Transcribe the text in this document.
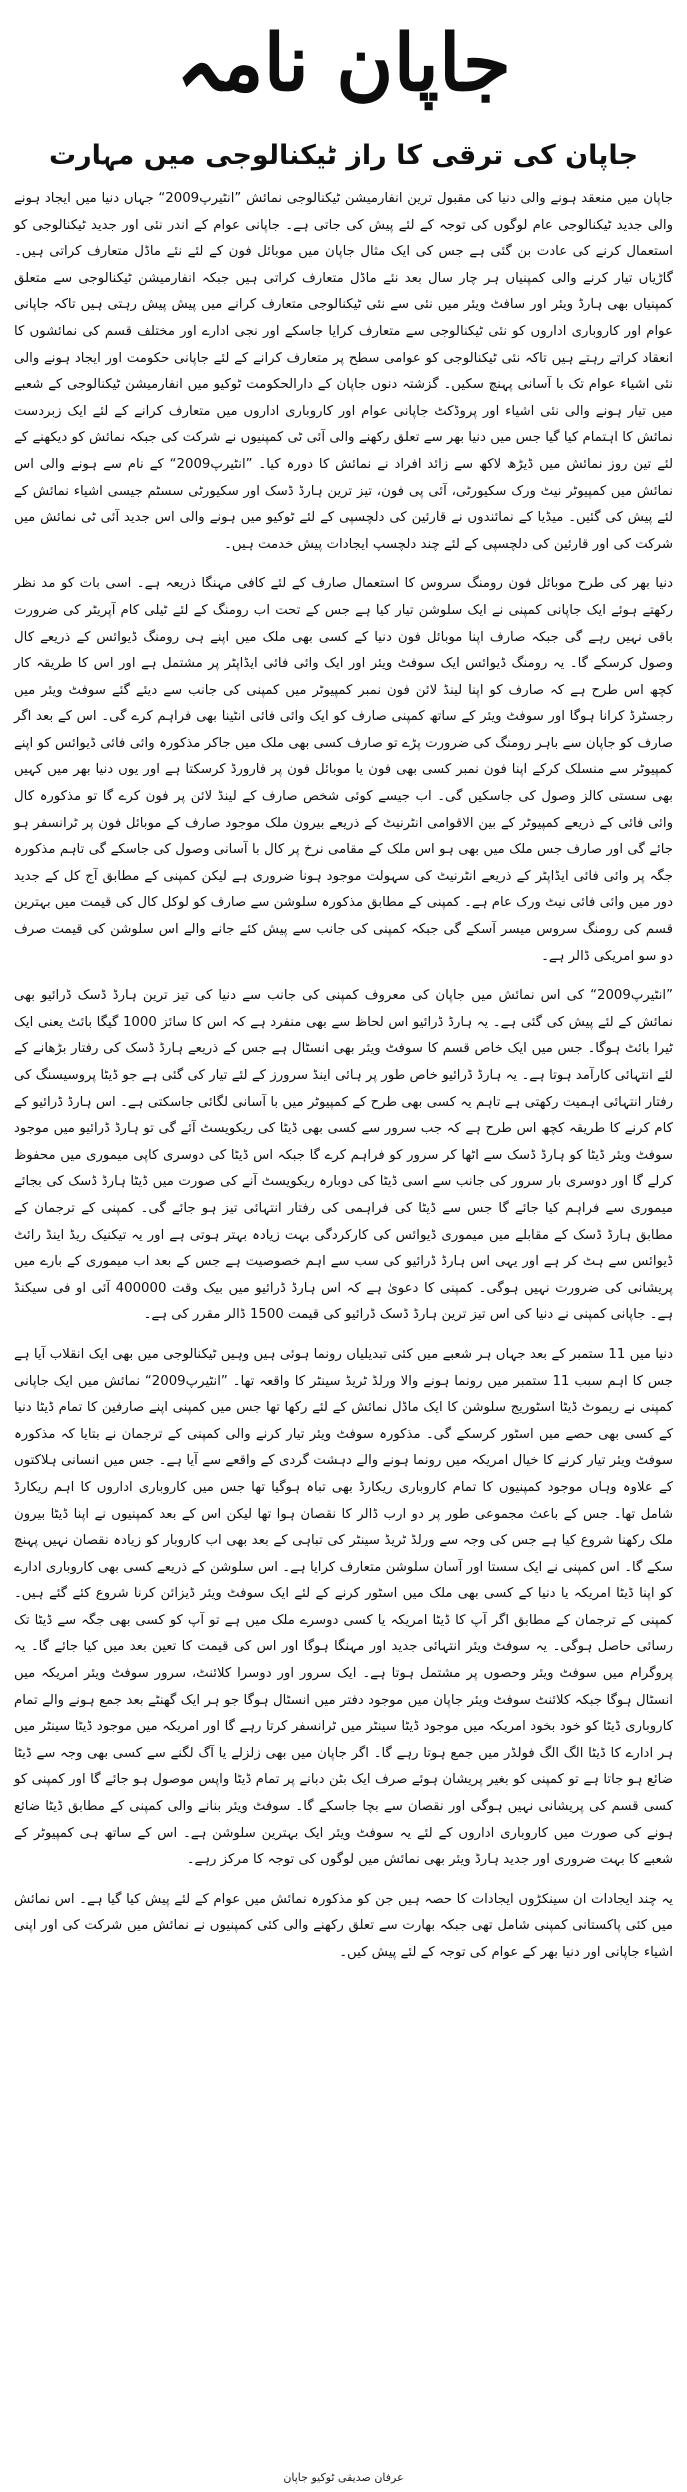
جاپان نامہ
جاپان کی ترقی کا راز ٹیکنالوجی میں مہارت

جاپان میں منعقد ہونے والی دنیا کی مقبول ترین انفارمیشن ٹیکنالوجی نمائش ”انٹیرپ2009“ جہاں دنیا میں ایجاد ہونے والی جدید ٹیکنالوجی عام لوگوں کی توجہ کے لئے پیش کی جاتی ہے۔ جاپانی عوام کے اندر نئی اور جدید ٹیکنالوجی کو استعمال کرنے کی عادت بن گئی ہے جس کی ایک مثال جاپان میں موبائل فون کے لئے نئے ماڈل متعارف کراتی ہیں۔ گاڑیاں تیار کرنے والی کمپنیاں ہر چار سال بعد نئے ماڈل متعارف کراتی ہیں جبکہ انفارمیشن ٹیکنالوجی سے متعلق کمپنیاں بھی ہارڈ ویئر اور سافٹ ویئر میں نئی سے نئی ٹیکنالوجی متعارف کرانے میں پیش پیش رہتی ہیں تاکہ جاپانی عوام اور کاروباری اداروں کو نئی ٹیکنالوجی سے متعارف کرایا جاسکے اور نجی ادارے اور مختلف قسم کی نمائشوں کا انعقاد کراتے رہتے ہیں تاکہ نئی ٹیکنالوجی کو عوامی سطح پر متعارف کرانے کے لئے جاپانی حکومت اور ایجاد ہونے والی نئی اشیاء عوام تک با آسانی پہنچ سکیں۔ گزشتہ دنوں جاپان کے دارالحکومت ٹوکیو میں انفارمیشن ٹیکنالوجی کے شعبے میں تیار ہونے والی نئی اشیاء اور پروڈکٹ جاپانی عوام اور کاروباری اداروں میں متعارف کرانے کے لئے ایک زبردست نمائش کا اہتمام کیا گیا جس میں دنیا بھر سے تعلق رکھنے والی آئی ٹی کمپنیوں نے شرکت کی جبکہ نمائش کو دیکھنے کے لئے تین روز نمائش میں ڈیڑھ لاکھ سے زائد افراد نے نمائش کا دورہ کیا۔ ”انٹیرپ2009“ کے نام سے ہونے والی اس نمائش میں کمپیوٹر نیٹ ورک سکیورٹی، آئی پی فون، تیز ترین ہارڈ ڈسک اور سکیورٹی سسٹم جیسی اشیاء نمائش کے لئے پیش کی گئیں۔ میڈیا کے نمائندوں نے قارئین کی دلچسپی کے لئے ٹوکیو میں ہونے والی اس جدید آئی ٹی نمائش میں شرکت کی اور قارئین کی دلچسپی کے لئے چند دلچسپ ایجادات پیش خدمت ہیں۔

دنیا بھر کی طرح موبائل فون رومنگ سروس کا استعمال صارف کے لئے کافی مہنگا ذریعہ ہے۔ اسی بات کو مد نظر رکھتے ہوئے ایک جاپانی کمپنی نے ایک سلوشن تیار کیا ہے جس کے تحت اب رومنگ کے لئے ٹیلی کام آپریٹر کی ضرورت باقی نہیں رہے گی جبکہ صارف اپنا موبائل فون دنیا کے کسی بھی ملک میں اپنے ہی رومنگ ڈیوائس کے ذریعے کال وصول کرسکے گا۔ یہ رومنگ ڈیوائس ایک سوفٹ ویئر اور ایک وائی فائی ایڈاپٹر پر مشتمل ہے اور اس کا طریقہ کار کچھ اس طرح ہے کہ صارف کو اپنا لینڈ لائن فون نمبر کمپیوٹر میں کمپنی کی جانب سے دیئے گئے سوفٹ ویئر میں رجسٹرڈ کرانا ہوگا اور سوفٹ ویئر کے ساتھ کمپنی صارف کو ایک وائی فائی انٹینا بھی فراہم کرے گی۔ اس کے بعد اگر صارف کو جاپان سے باہر رومنگ کی ضرورت پڑے تو صارف کسی بھی ملک میں جاکر مذکورہ وائی فائی ڈیوائس کو اپنے کمپیوٹر سے منسلک کرکے اپنا فون نمبر کسی بھی فون یا موبائل فون پر فارورڈ کرسکتا ہے اور یوں دنیا بھر میں کہیں بھی سستی کالز وصول کی جاسکیں گی۔ اب جیسے کوئی شخص صارف کے لینڈ لائن پر فون کرے گا تو مذکورہ کال وائی فائی کے ذریعے کمپیوٹر کے بین الاقوامی انٹرنیٹ کے ذریعے بیرون ملک موجود صارف کے موبائل فون پر ٹرانسفر ہو جائے گی اور صارف جس ملک میں بھی ہو اس ملک کے مقامی نرخ پر کال با آسانی وصول کی جاسکے گی تاہم مذکورہ جگہ پر وائی فائی ایڈاپٹر کے ذریعے انٹرنیٹ کی سہولت موجود ہونا ضروری ہے لیکن کمپنی کے مطابق آج کل کے جدید دور میں وائی فائی نیٹ ورک عام ہے۔ کمپنی کے مطابق مذکورہ سلوشن سے صارف کو لوکل کال کی قیمت میں بہترین قسم کی رومنگ سروس میسر آسکے گی جبکہ کمپنی کی جانب سے پیش کئے جانے والے اس سلوشن کی قیمت صرف دو سو امریکی ڈالر ہے۔

”انٹیرپ2009“ کی اس نمائش میں جاپان کی معروف کمپنی کی جانب سے دنیا کی تیز ترین ہارڈ ڈسک ڈرائیو بھی نمائش کے لئے پیش کی گئی ہے۔ یہ ہارڈ ڈرائیو اس لحاظ سے بھی منفرد ہے کہ اس کا سائز 1000 گیگا بائٹ یعنی ایک ٹیرا بائٹ ہوگا۔ جس میں ایک خاص قسم کا سوفٹ ویئر بھی انسٹال ہے جس کے ذریعے ہارڈ ڈسک کی رفتار بڑھانے کے لئے انتہائی کارآمد ہوتا ہے۔ یہ ہارڈ ڈرائیو خاص طور پر ہائی اینڈ سرورز کے لئے تیار کی گئی ہے جو ڈیٹا پروسیسنگ کی رفتار انتہائی اہمیت رکھتی ہے تاہم یہ کسی بھی طرح کے کمپیوٹر میں با آسانی لگائی جاسکتی ہے۔ اس ہارڈ ڈرائیو کے کام کرنے کا طریقہ کچھ اس طرح ہے کہ جب سرور سے کسی بھی ڈیٹا کی ریکویسٹ آئے گی تو ہارڈ ڈرائیو میں موجود سوفٹ ویئر ڈیٹا کو ہارڈ ڈسک سے اٹھا کر سرور کو فراہم کرے گا جبکہ اس ڈیٹا کی دوسری کاپی میموری میں محفوظ کرلے گا اور دوسری بار سرور کی جانب سے اسی ڈیٹا کی دوبارہ ریکویسٹ آنے کی صورت میں ڈیٹا ہارڈ ڈسک کی بجائے میموری سے فراہم کیا جائے گا جس سے ڈیٹا کی فراہمی کی رفتار انتہائی تیز ہو جائے گی۔ کمپنی کے ترجمان کے مطابق ہارڈ ڈسک کے مقابلے میں میموری ڈیوائس کی کارکردگی بہت زیادہ بہتر ہوتی ہے اور یہ تیکنیک ریڈ اینڈ رائٹ ڈیوائس سے ہٹ کر ہے اور یہی اس ہارڈ ڈرائیو کی سب سے اہم خصوصیت ہے جس کے بعد اب میموری کے بارے میں پریشانی کی ضرورت نہیں ہوگی۔ کمپنی کا دعویٰ ہے کہ اس ہارڈ ڈرائیو میں بیک وقت 400000 آئی او فی سیکنڈ ہے۔ جاپانی کمپنی نے دنیا کی اس تیز ترین ہارڈ ڈسک ڈرائیو کی قیمت 1500 ڈالر مقرر کی ہے۔

دنیا میں 11 ستمبر کے بعد جہاں ہر شعبے میں کئی تبدیلیاں رونما ہوئی ہیں وہیں ٹیکنالوجی میں بھی ایک انقلاب آیا ہے جس کا اہم سبب 11 ستمبر میں رونما ہونے والا ورلڈ ٹریڈ سینٹر کا واقعہ تھا۔ ”انٹیرپ2009“ نمائش میں ایک جاپانی کمپنی نے ریموٹ ڈیٹا اسٹوریج سلوشن کا ایک ماڈل نمائش کے لئے رکھا تھا جس میں کمپنی اپنے صارفین کا تمام ڈیٹا دنیا کے کسی بھی حصے میں اسٹور کرسکے گی۔ مذکورہ سوفٹ ویئر تیار کرنے والی کمپنی کے ترجمان نے بتایا کہ مذکورہ سوفٹ ویئر تیار کرنے کا خیال امریکہ میں رونما ہونے والے دہشت گردی کے واقعے سے آیا ہے۔ جس میں انسانی ہلاکتوں کے علاوہ وہاں موجود کمپنیوں کا تمام کاروباری ریکارڈ بھی تباہ ہوگیا تھا جس میں کاروباری اداروں کا اہم ریکارڈ شامل تھا۔ جس کے باعث مجموعی طور پر دو ارب ڈالر کا نقصان ہوا تھا لیکن اس کے بعد کمپنیوں نے اپنا ڈیٹا بیرون ملک رکھنا شروع کیا ہے جس کی وجہ سے ورلڈ ٹریڈ سینٹر کی تباہی کے بعد بھی اب کاروبار کو زیادہ نقصان نہیں پہنچ سکے گا۔ اس کمپنی نے ایک سستا اور آسان سلوشن متعارف کرایا ہے۔ اس سلوشن کے ذریعے کسی بھی کاروباری ادارے کو اپنا ڈیٹا امریکہ یا دنیا کے کسی بھی ملک میں اسٹور کرنے کے لئے ایک سوفٹ ویئر ڈیزائن کرنا شروع کئے گئے ہیں۔ کمپنی کے ترجمان کے مطابق اگر آپ کا ڈیٹا امریکہ یا کسی دوسرے ملک میں ہے تو آپ کو کسی بھی جگہ سے ڈیٹا تک رسائی حاصل ہوگی۔ یہ سوفٹ ویئر انتہائی جدید اور مہنگا ہوگا اور اس کی قیمت کا تعین بعد میں کیا جائے گا۔ یہ پروگرام میں سوفٹ ویئر وحصوں پر مشتمل ہوتا ہے۔ ایک سرور اور دوسرا کلائنٹ، سرور سوفٹ ویئر امریکہ میں انسٹال ہوگا جبکہ کلائنٹ سوفٹ ویئر جاپان میں موجود دفتر میں انسٹال ہوگا جو ہر ایک گھنٹے بعد جمع ہونے والے تمام کاروباری ڈیٹا کو خود بخود امریکہ میں موجود ڈیٹا سینٹر میں ٹرانسفر کرتا رہے گا اور امریکہ میں موجود ڈیٹا سینٹر میں ہر ادارے کا ڈیٹا الگ الگ فولڈر میں جمع ہوتا رہے گا۔ اگر جاپان میں بھی زلزلے یا آگ لگنے سے کسی بھی وجہ سے ڈیٹا ضائع ہو جاتا ہے تو کمپنی کو بغیر پریشان ہوئے صرف ایک بٹن دبانے پر تمام ڈیٹا واپس موصول ہو جائے گا اور کمپنی کو کسی قسم کی پریشانی نہیں ہوگی اور نقصان سے بچا جاسکے گا۔ سوفٹ ویئر بنانے والی کمپنی کے مطابق ڈیٹا ضائع ہونے کی صورت میں کاروباری اداروں کے لئے یہ سوفٹ ویئر ایک بہترین سلوشن ہے۔ اس کے ساتھ ہی کمپیوٹر کے شعبے کا بہت ضروری اور جدید ہارڈ ویئر بھی نمائش میں لوگوں کی توجہ کا مرکز رہے۔

یہ چند ایجادات ان سینکڑوں ایجادات کا حصہ ہیں جن کو مذکورہ نمائش میں عوام کے لئے پیش کیا گیا ہے۔ اس نمائش میں کئی پاکستانی کمپنی شامل تھی جبکہ بھارت سے تعلق رکھنے والی کئی کمپنیوں نے نمائش میں شرکت کی اور اپنی اشیاء جاپانی اور دنیا بھر کے عوام کی توجہ کے لئے پیش کیں۔

عرفان صدیقی ٹوکیو جاپان
